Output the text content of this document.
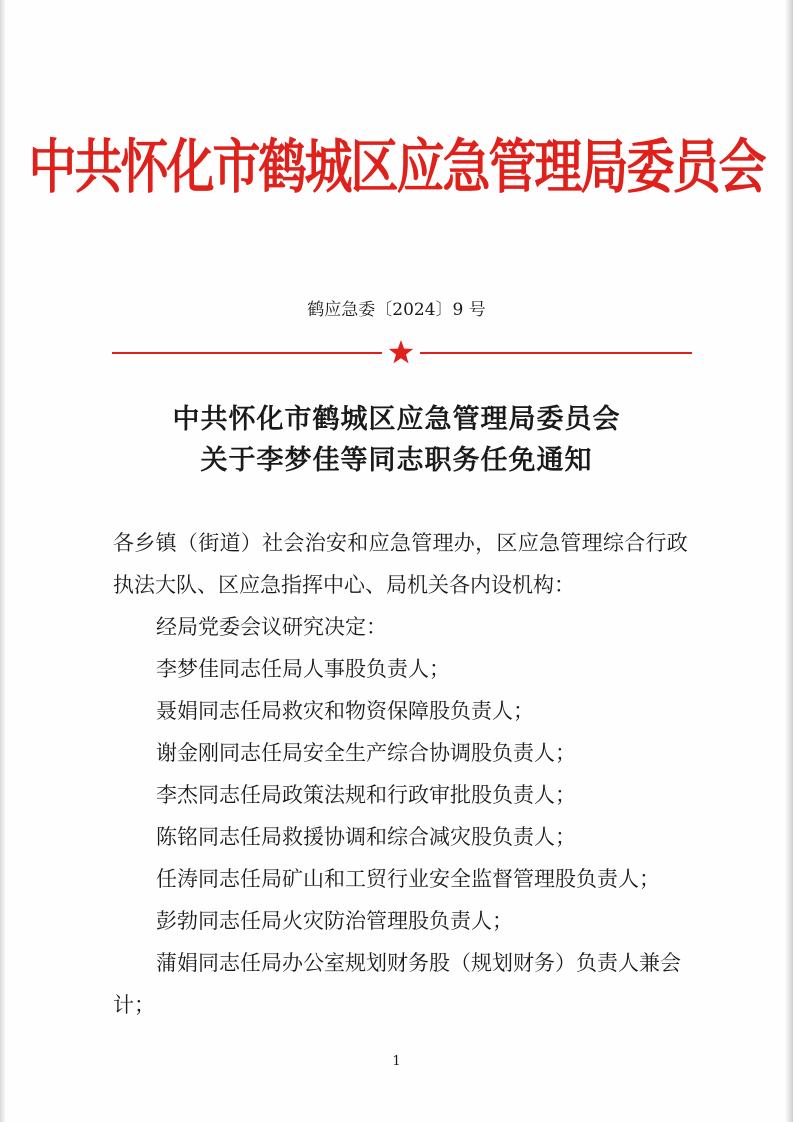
中共怀化市鹤城区应急管理局委员会
鹤应急委〔2024〕9 号
中共怀化市鹤城区应急管理局委员会
关于李梦佳等同志职务任免通知
各乡镇（街道）社会治安和应急管理办，区应急管理综合行政
执法大队、区应急指挥中心、局机关各内设机构：
经局党委会议研究决定：
李梦佳同志任局人事股负责人；
聂娟同志任局救灾和物资保障股负责人；
谢金刚同志任局安全生产综合协调股负责人；
李杰同志任局政策法规和行政审批股负责人；
陈铭同志任局救援协调和综合减灾股负责人；
任涛同志任局矿山和工贸行业安全监督管理股负责人；
彭勃同志任局火灾防治管理股负责人；
蒲娟同志任局办公室规划财务股（规划财务）负责人兼会
计；
1
